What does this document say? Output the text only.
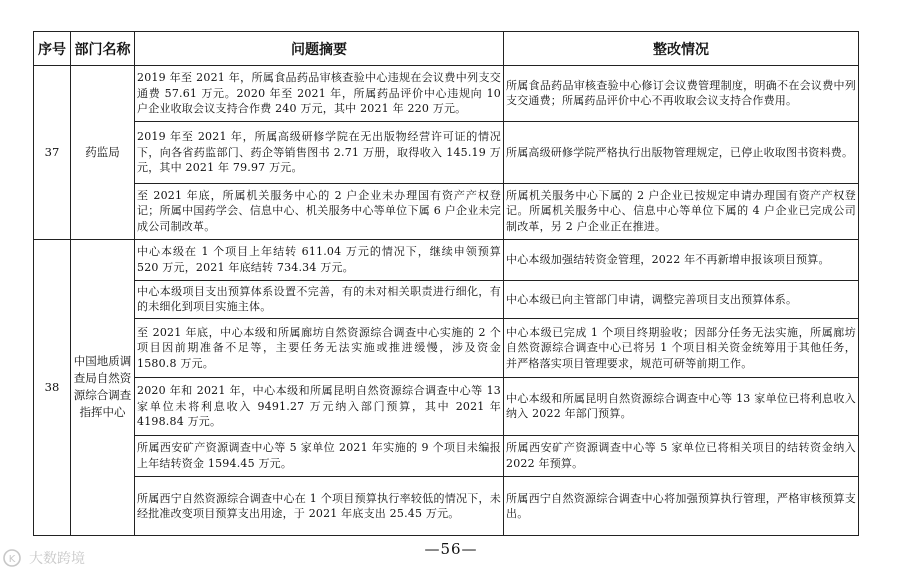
序号	部门名称	问题摘要	整改情况
37	药监局	2019 年至 2021 年，所属食品药品审核查验中心违规在会议费中列支交通费 57.61 万元。2020 年至 2021 年，所属药品评价中心违规向 10 户企业收取会议支持合作费 240 万元，其中 2021 年 220 万元。	所属食品药品审核查验中心修订会议费管理制度，明确不在会议费中列支交通费；所属药品评价中心不再收取会议支持合作费用。
		2019 年至 2021 年，所属高级研修学院在无出版物经营许可证的情况下，向各省药监部门、药企等销售图书 2.71 万册，取得收入 145.19 万元，其中 2021 年 79.97 万元。	所属高级研修学院严格执行出版物管理规定，已停止收取图书资料费。
		至 2021 年底，所属机关服务中心的 2 户企业未办理国有资产产权登记；所属中国药学会、信息中心、机关服务中心等单位下属 6 户企业未完成公司制改革。	所属机关服务中心下属的 2 户企业已按规定申请办理国有资产产权登记。所属机关服务中心、信息中心等单位下属的 4 户企业已完成公司制改革，另 2 户企业正在推进。
38	中国地质调查局自然资源综合调查指挥中心	中心本级在 1 个项目上年结转 611.04 万元的情况下，继续申领预算 520 万元，2021 年底结转 734.34 万元。	中心本级加强结转资金管理，2022 年不再新增申报该项目预算。
		中心本级项目支出预算体系设置不完善，有的未对相关职责进行细化，有的未细化到项目实施主体。	中心本级已向主管部门申请，调整完善项目支出预算体系。
		至 2021 年底，中心本级和所属廊坊自然资源综合调查中心实施的 2 个项目因前期准备不足等，主要任务无法实施或推进缓慢，涉及资金 1580.8 万元。	中心本级已完成 1 个项目终期验收；因部分任务无法实施，所属廊坊自然资源综合调查中心已将另 1 个项目相关资金统筹用于其他任务，并严格落实项目管理要求，规范可研等前期工作。
		2020 年和 2021 年，中心本级和所属昆明自然资源综合调查中心等 13 家单位未将利息收入 9491.27 万元纳入部门预算，其中 2021 年 4198.84 万元。	中心本级和所属昆明自然资源综合调查中心等 13 家单位已将利息收入纳入 2022 年部门预算。
		所属西安矿产资源调查中心等 5 家单位 2021 年实施的 9 个项目未编报上年结转资金 1594.45 万元。	所属西安矿产资源调查中心等 5 家单位已将相关项目的结转资金纳入 2022 年预算。
		所属西宁自然资源综合调查中心在 1 个项目预算执行率较低的情况下，未经批准改变项目预算支出用途，于 2021 年底支出 25.45 万元。	所属西宁自然资源综合调查中心将加强预算执行管理，严格审核预算支出。
—56—
K 大数跨境
